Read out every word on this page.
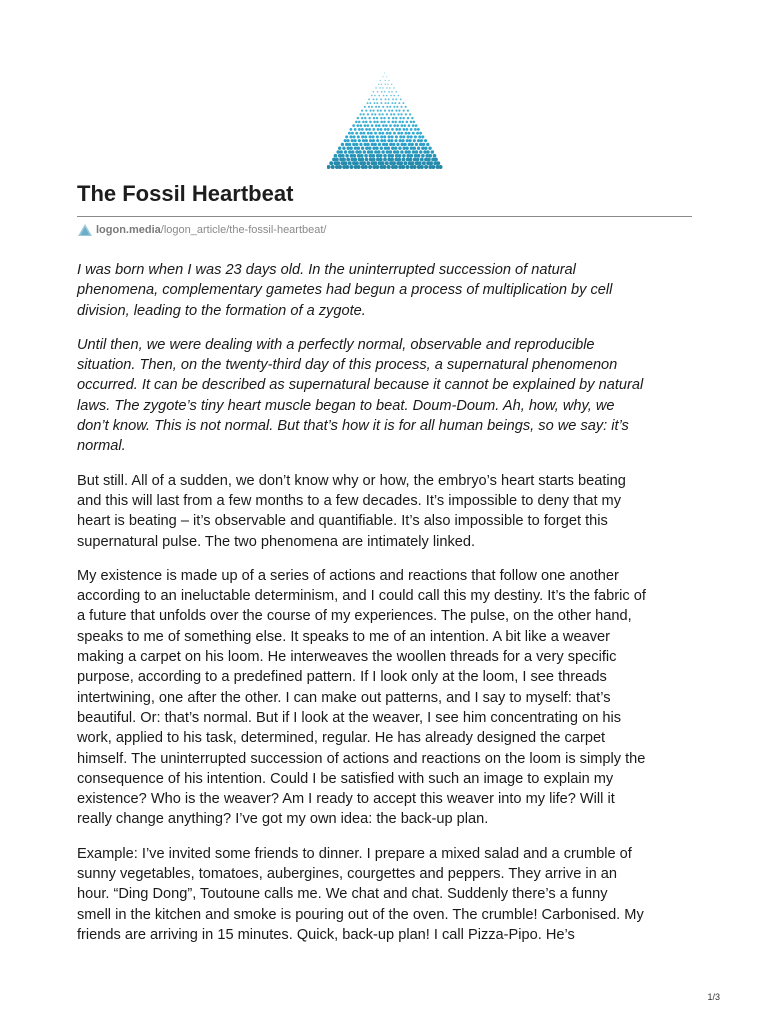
The Fossil Heartbeat
logon.media /logon_article/the-fossil-heartbeat/

I was born when I was 23 days old. In the uninterrupted succession of natural
phenomena, complementary gametes had begun a process of multiplication by cell
division, leading to the formation of a zygote.

Until then, we were dealing with a perfectly normal, observable and reproducible
situation. Then, on the twenty-third day of this process, a supernatural phenomenon
occurred. It can be described as supernatural because it cannot be explained by natural
laws. The zygote’s tiny heart muscle began to beat. Doum-Doum. Ah, how, why, we
don’t know. This is not normal. But that’s how it is for all human beings, so we say: it’s
normal.

But still. All of a sudden, we don’t know why or how, the embryo’s heart starts beating
and this will last from a few months to a few decades. It’s impossible to deny that my
heart is beating – it’s observable and quantifiable. It’s also impossible to forget this
supernatural pulse. The two phenomena are intimately linked.

My existence is made up of a series of actions and reactions that follow one another
according to an ineluctable determinism, and I could call this my destiny. It’s the fabric of
a future that unfolds over the course of my experiences. The pulse, on the other hand,
speaks to me of something else. It speaks to me of an intention. A bit like a weaver
making a carpet on his loom. He interweaves the woollen threads for a very specific
purpose, according to a predefined pattern. If I look only at the loom, I see threads
intertwining, one after the other. I can make out patterns, and I say to myself: that’s
beautiful. Or: that’s normal. But if I look at the weaver, I see him concentrating on his
work, applied to his task, determined, regular. He has already designed the carpet
himself. The uninterrupted succession of actions and reactions on the loom is simply the
consequence of his intention. Could I be satisfied with such an image to explain my
existence? Who is the weaver? Am I ready to accept this weaver into my life? Will it
really change anything? I’ve got my own idea: the back-up plan.

Example: I’ve invited some friends to dinner. I prepare a mixed salad and a crumble of
sunny vegetables, tomatoes, aubergines, courgettes and peppers. They arrive in an
hour. “Ding Dong”, Toutoune calls me. We chat and chat. Suddenly there’s a funny
smell in the kitchen and smoke is pouring out of the oven. The crumble! Carbonised. My
friends are arriving in 15 minutes. Quick, back-up plan! I call Pizza-Pipo. He’s

1/3
